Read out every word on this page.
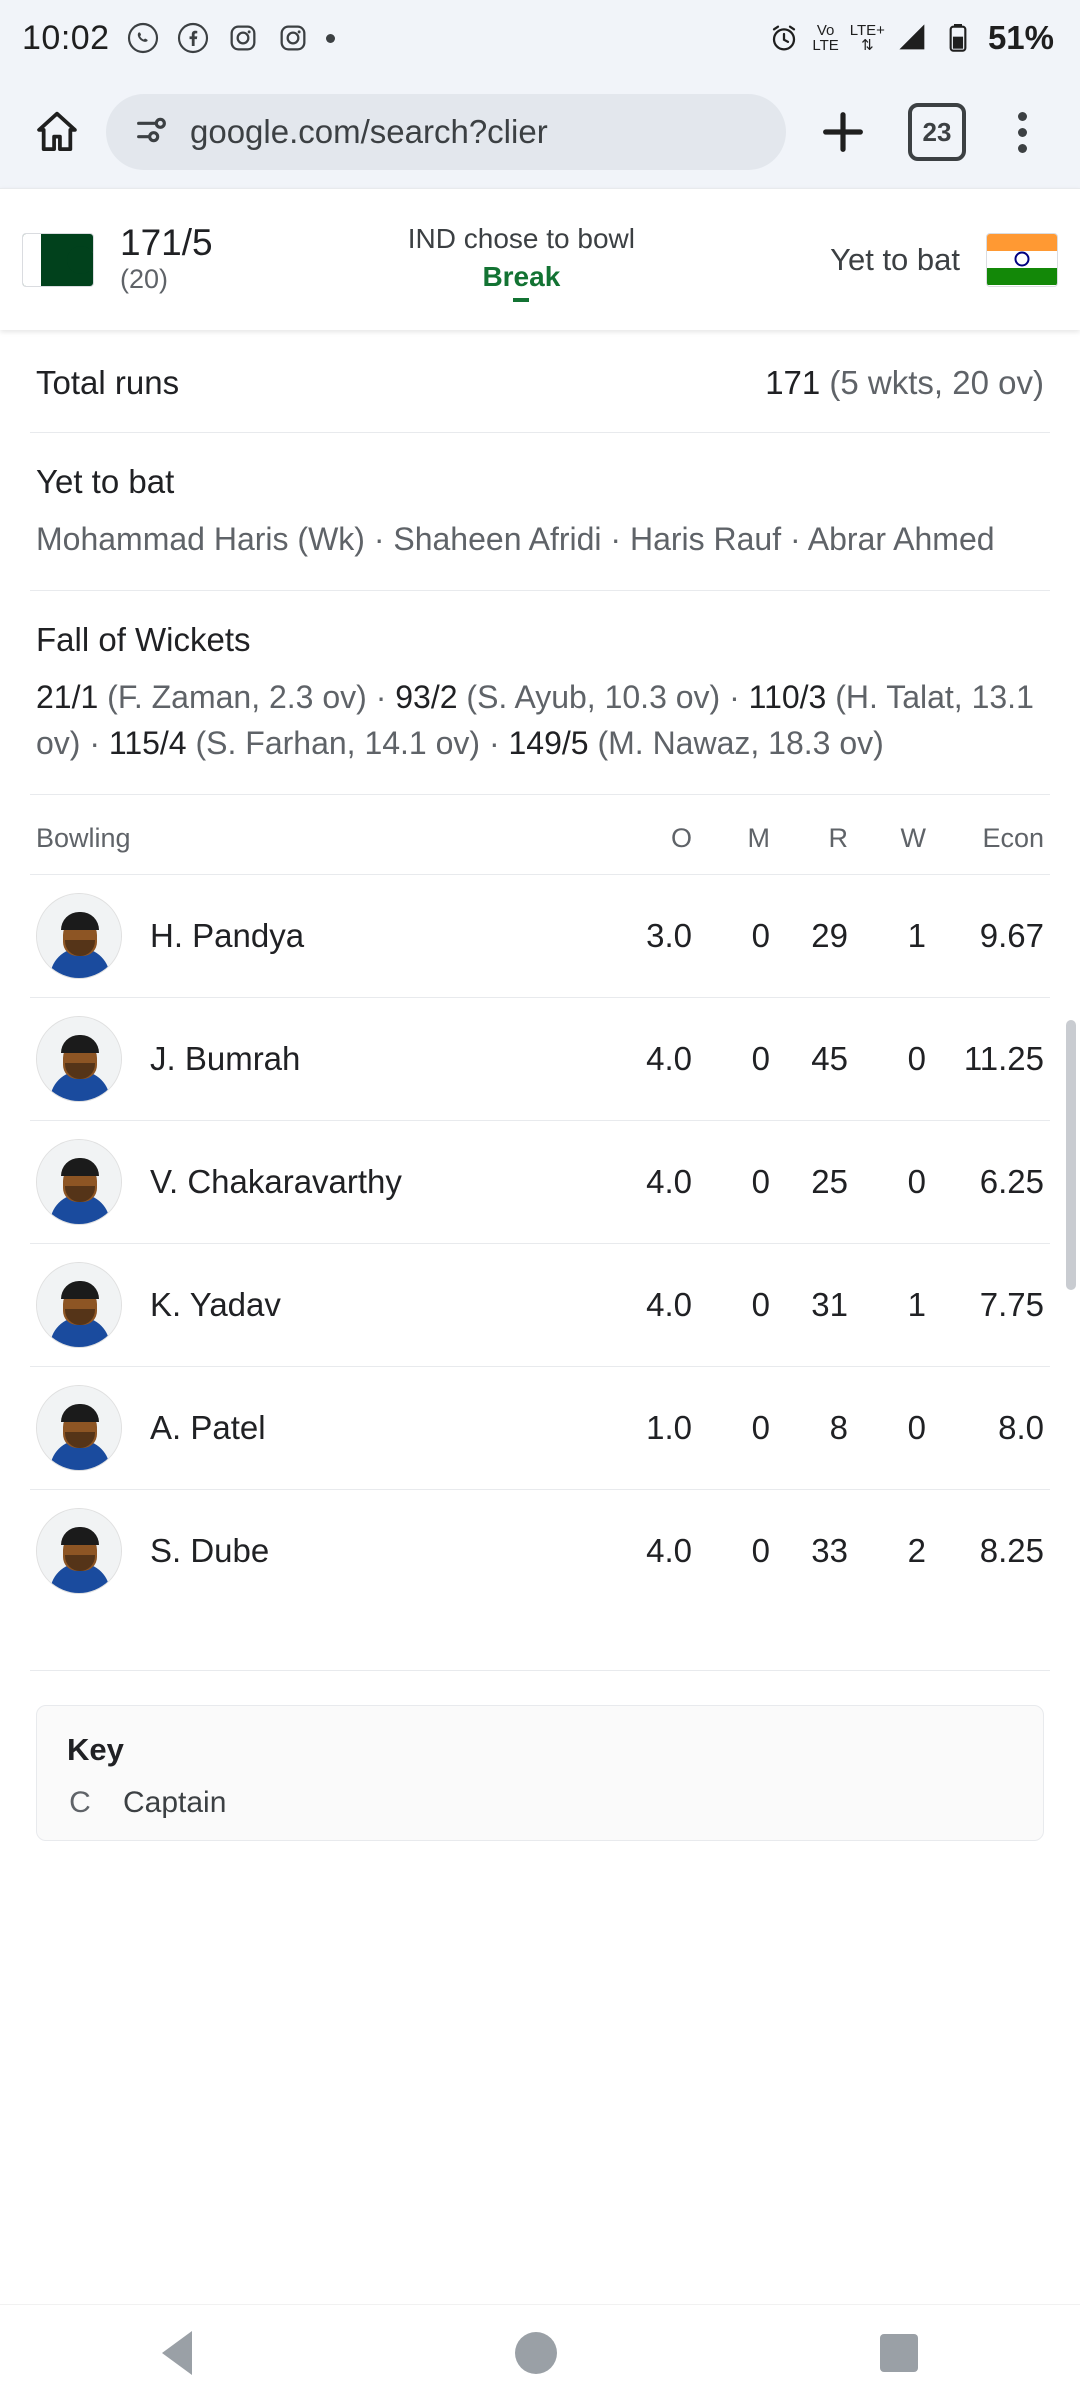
10:02	Vo
LTE
LTE+
⇅	51%
google.com/search?clier	23
171/5
(20)
IND chose to bowl
Break	Yet to bat
Total runs	171 (5 wkts, 20 ov)
Yet to bat
Mohammad Haris (Wk) · Shaheen Afridi · Haris Rauf · Abrar Ahmed
Fall of Wickets
21/1 (F. Zaman, 2.3 ov) · 93/2 (S. Ayub, 10.3 ov) · 110/3 (H. Talat, 13.1 ov) · 115/4 (S. Farhan, 14.1 ov) · 149/5 (M. Nawaz, 18.3 ov)
Bowling	O	M	R	W	Econ
H. Pandya	3.0	0	29	1	9.67
J. Bumrah	4.0	0	45	0	11.25
V. Chakaravarthy	4.0	0	25	0	6.25
K. Yadav	4.0	0	31	1	7.75
A. Patel	1.0	0	8	0	8.0
S. Dube	4.0	0	33	2	8.25
Key
C Captain
